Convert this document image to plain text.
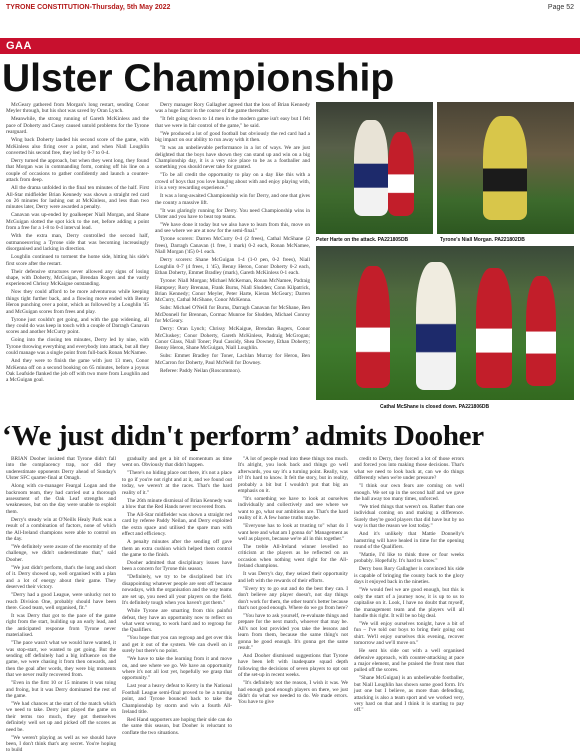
TYRONE CONSTITUTION-Thursday, 5th May 2022	Page 52
GAA
Ulster Championship

McGeary gathered from Morgan's long restart, sending Conor Meyler through, but his shot was saved by Oran Lynch.

Meanwhile, the strong running of Gareth McKinless and the pace of Doherty and Casey caused untold problems for the Tyrone rearguard.

Wing back Doherty landed his second score of the game, with McKinless also firing over a point, and when Niall Loughlin converted his second free, they led by 0-7 to 0-4.

Derry turned the approach, but when they went long, they found that Morgan was in commanding form, coming off his line on a couple of occasions to gather confidently and launch a counter-attack from deep.

All the drama unfolded in the final ten minutes of the half. First All-Star midfielder Brian Kennedy was shown a straight red card on 26 minutes for lashing out at McKinless, and less than two minutes later, Derry were awarded a penalty.

Canavan was up-ended by goalkeeper Niall Morgan, and Shane McGuigan slotted the spot kick to the net, before adding a point from a free for a 1-8 to 0-4 interval lead.

With the extra man, Derry controlled the second half, outmanoeuvring a Tyrone side that was becoming increasingly disorganised and lacking in direction.

Loughlin continued to torment the home side, hitting his side's first score after the restart.

Their defensive structures never allowed any signs of losing shape, with Doherty, McGuigan, Brendan Rogers and the vastly experienced Chrissy McKaigue outstanding.

Now they could afford to be more adventurous while keeping things tight further back, and a flowing move ended with Benny Heron punching over a point, which as followed by a Loughlin '45 and McGuigan scores from frees and play.

Tyrone just couldn't get going, and with the gap widening, all they could do was keep in touch with a couple of Darragh Canavan scores and another McCurry point.

Going into the closing ten minutes, Derry led by nine, with Tyrone throwing everything and everybody into attack, but all they could manage was a single point from full-back Ronan McNamee.

And they were to finish the game with just 13 men, Conor McKenna off on a second booking on 65 minutes, before a joyous Oak Leafside flanked the job off with two more from Loughlin and a McGuigan goal.

Derry manager Rory Gallagher agreed that the loss of Brian Kennedy was a huge factor in the course of the game thereafter.

"It felt going down to 14 men in the modern game isn't easy but I felt that we were in fair control of the game," he said.

"We produced a lot of good football but obviously the red card had a big impact on our ability to run away with it then.

"It was an unbelievable performance in a lot of ways. We are just delighted that the boys have shown they can stand up and win on a big Championship day, it is a very nice place to be as a footballer and something you should never take for granted.

"To be all credit the opportunity to play on a day like this with a crowd of boys that you love hanging about with and enjoy playing with, it is a very rewarding experience."

It was a long-awaited Championship win for Derry, and one that gives the county a massive lift.

"It was glaringly running for Derry. You need Championship wins in Ulster and you have to beat top teams.

"We have done it today but we also have to learn from this, move on and see where we are at now for the semi-final."

Tyrone scorers: Darren McCurry 0-4 (2 frees), Cathal McShane (2 frees), Darragh Canavan (1 free, 1 mark) 0-2 each, Ronan McNamee, Niall Morgan ('45) 0-1 each.

Derry scorers: Shane McGuigan 1-4 (1-0 pen, 0-2 frees), Niall Loughlin 0-7 (4 frees, 1 '45), Benny Heron, Conor Doherty 0-2 each, Ethan Doherty, Emmet Bradley (mark), Gareth McKinless 0-1 each.

Tyrone: Niall Morgan; Michael McKernan, Ronan McNamee, Padraig Hampsey; Rory Brennan, Frank Burns, Niall Sludden; Conn Kilpatrick, Brian Kennedy; Conor Meyler, Peter Harte, Kieran McGeary; Darren McCurry, Cathal McShane, Conor McKenna.

Subs: Michael O'Neill for Burns, Darragh Canavan for McShane, Ben McDonnell for Brennan, Cormac Munroe for Sludden, Michael Conroy for McGeary.

Derry: Oran Lynch; Chrissy McKaigue, Brendan Rogers, Conor McCluskey; Conor Doherty, Gareth McKinless, Padraig McGrogan; Conor Glass, Niall Toner; Paul Cassidy, Shea Downey, Ethan Doherty; Benny Heron, Shane McGuigan, Niall Loughlin.

Subs: Emmet Bradley for Toner, Lachlan Murray for Heron, Ben McCarron for Doherty, Paul McNeill for Downey.

Referee: Paddy Neilan (Roscommon).

Peter Harte on the attack. PA221805DB	Tyrone's Niall Morgan. PA221802DB
Cathal McShane is closed down. PA221806DB
‘We just didn't perform’ admits Dooher

BRIAN Dooher insisted that Tyrone didn't fall into the complacency trap, nor did they underestimate opponents Derry ahead of Sunday's Ulster SFC quarter-final at Omagh.

Along with co-manager Feargal Logan and the backroom team, they had carried out a thorough assessment of the Oak Leaf strengths and weaknesses, but on the day were unable to exploit them.

Derry's steady win at O'Neills Healy Park was a result of a combination of factors, none of which the All-Ireland champions were able to control on the day.

"We definitely were aware of the enormity of the challenge, we didn't underestimate that," said Dooher.

"We just didn't perform, that's the long and short of it. Derry showed up, well organised with a plan and a lot of energy about their game. They deserved their victory.

"Derry had a good League, were unlucky not to reach Division One, probably should have been there. Good team, well organised, fit."

It was Derry that got to the pace of the game right from the start, building up an early lead, and the anticipated response from Tyrone never materialised.

"The pace wasn't what we would have wanted, it was stop-start, we wanted to get going. But the sending off definitely had a big influence on the game, we were chasing it from then onwards, and then the goal after words, they were big moments that we never really recovered from.

"Even in the first 10 or 15 minutes it was toing and froing, but it was Derry dominated the rest of the game.

"We had chances at the start of the match which we need to take. Derry just played the game on their terms too much, they got themselves definitely well set up and picked off the scores as need be.

"We weren't playing as well as we should have been, I don't think that's any secret. You're hoping to build

gradually and get a bit of momentum as time went on. Obviously that didn't happen.

"There's no hiding place out there, it's not a place to go if you're not right and at it, and we found out today, we weren't at the races. That's the hard reality of it."

The 26th minute dismissal of Brian Kennedy was a blow that the Red Hands never recovered from.

The All-Star midfielder was shown a straight red card by referee Paddy Neilan, and Derry exploited the extra space and utilised the spare man with effect and efficiency.

A penalty minutes after the sending off gave them an extra cushion which helped them control the game to the finish.

Dooher admitted that disciplinary issues have been a concern for Tyrone this season.

"Definitely, we try to be disciplined but it's disappointing whatever people are sent off because nowadays, with the organisation and the way teams are set up, you need all your players on the field. It's definitely tough when you haven't got them."

While Tyrone are smarting from this painful defeat, they have an opportunity now to reflect on what went wrong, to work hard and to regroup for the Qualifiers.

"You hope that you can regroup and get over this and get it out of the system. We can dwell on it surely but there's no point.

"We have to take the learning from it and move on, and see where we go. We have an opportunity where it's not all lost yet, hopefully we grasp that opportunity."

Last year a heavy defeat to Kerry in the National Football League semi-final proved to be a turning point, and Tyrone bounced back to take the Championship by storm and win a fourth All-Ireland title.

Red Hand supporters are hoping their side can do the same this season, but Dooher is reluctant to conflate the two situations.

"A lot of people read into these things too much. It's alright, you look back and things go well afterwards, you say it's a turning point. Really, was it? It's hard to know. It felt the story, but in reality, probably a bit but I wouldn't put that big an emphasis on it.

"It's something we have to look at ourselves individually and collectively and see where we want to go, what our ambitions are. That's the hard reality of it. A few home truths maybe.

"Everyone has to look at trusting to" what do I want here and what am I gonna do" Management as well as players, because we're all in this together."

The treble All-Ireland winner levelled no criticism at the players as he reflected on an occasion when nothing went right for the All-Ireland champions.

It was Derry's day, they seized their opportunity and left with the rewards of their efforts.

"Every try to go out and do the best they can. I don't believe any player doesn't, not day things don't work for them, the other team's better because that's not good enough. Where do we go from here?

"You have to ask yourself, re-evaluate things and prepare for the next match, whoever that may be. All's not lost provided you take the lessons and learn from them, because the same thing's not gonna be good enough. It's gonna get the same result."

And Dooher dismissed suggestions that Tyrone have been left with inadequate squad depth following the decisions of seven players to opt out of the set-up in recent weeks.

"It's definitely not the reason, I wish it was. We had enough good enough players on there, we just didn't do what we needed to do. We made errors. You have to give

credit to Derry, they forced a lot of those errors and forced you into making those decisions. That's what we need to look back at, can we do things differently when we're under pressure?

"I think our own fears are coming on well enough. We set up in the second half and we gave the ball away too many times, unforced.

"We tried things that weren't on. Rather than one individual coming on and making a difference. Surely they're good players that did have but by no way is that the reason we lost today."

And it's unlikely that Mattie Donnelly's hamstring will have healed in time for the opening round of the Qualifiers.

"Mattie, I'd like to think three or four weeks probably. Hopefully. It's hard to know."

Derry boss Rory Gallagher is convinced his side is capable of bringing the county back to the glory days it enjoyed back in the nineties.

"We would feel we are good enough, but this is only the start of a journey now, it is up to us to capitalise on it. Look, I have no doubt that myself, the management team and the players will all handle this right. It will be no big deal.

"We will enjoy ourselves tonight, have a bit of fun – I've told our boys to bring their going out shirt. We'll enjoy ourselves this evening, recover tomorrow and we'll move on."

He sent his side out with a well organised defensive approach, with counter-attacking at pace a major element, and he praised the front men that pulled off the scores.

"Shane McGuigan) is an unbelievable footballer, but Niall Loughlin has shown some good form. It's just one but I believe, as more than defending, attacking is also a team sport and we worked very, very hard on that and I think it is starting to pay off."
